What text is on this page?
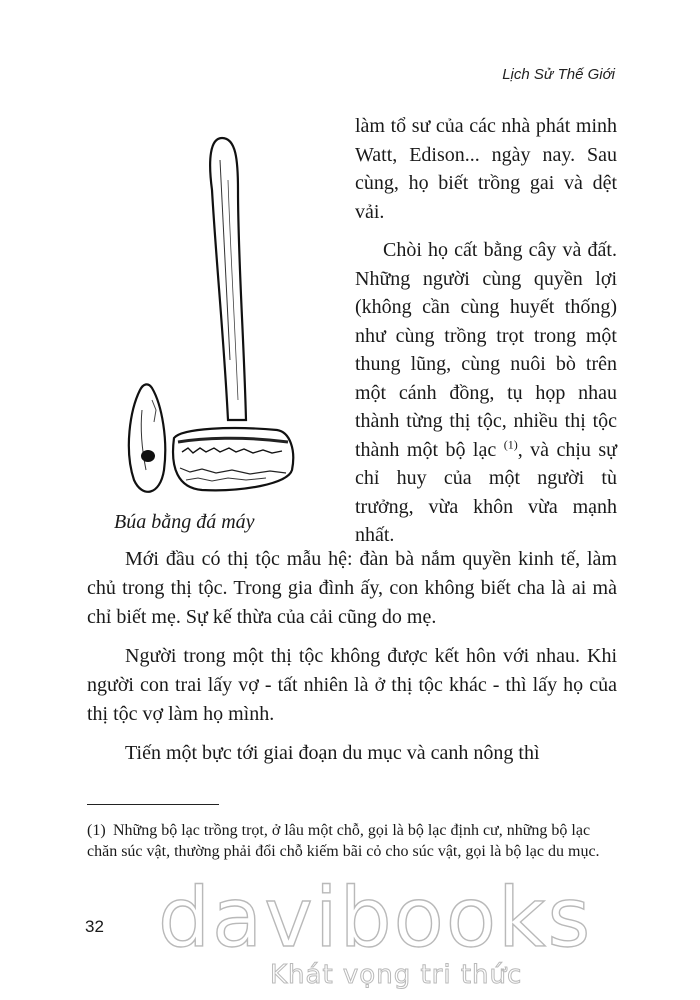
Lịch Sử Thế Giới
Búa bằng đá máy

làm tổ sư của các nhà phát minh Watt, Edison... ngày nay. Sau cùng, họ biết trồng gai và dệt vải.

Chòi họ cất bằng cây và đất. Những người cùng quyền lợi (không cần cùng huyết thống) như cùng trồng trọt trong một thung lũng, cùng nuôi bò trên một cánh đồng, tụ họp nhau thành từng thị tộc, nhiều thị tộc thành một bộ lạc $^{(1)}$, và chịu sự chỉ huy của một người tù trưởng, vừa khôn vừa mạnh nhất.

Mới đầu có thị tộc mẫu hệ: đàn bà nắm quyền kinh tế, làm chủ trong thị tộc. Trong gia đình ấy, con không biết cha là ai mà chỉ biết mẹ. Sự kế thừa của cải cũng do mẹ.

Người trong một thị tộc không được kết hôn với nhau. Khi người con trai lấy vợ - tất nhiên là ở thị tộc khác - thì lấy họ của thị tộc vợ làm họ mình.

Tiến một bực tới giai đoạn du mục và canh nông thì

(1) Những bộ lạc trồng trọt, ở lâu một chỗ, gọi là bộ lạc định cư, những bộ lạc chăn súc vật, thường phải đổi chỗ kiếm bãi cỏ cho súc vật, gọi là bộ lạc du mục.
32 davibooks
Khát vọng tri thức
